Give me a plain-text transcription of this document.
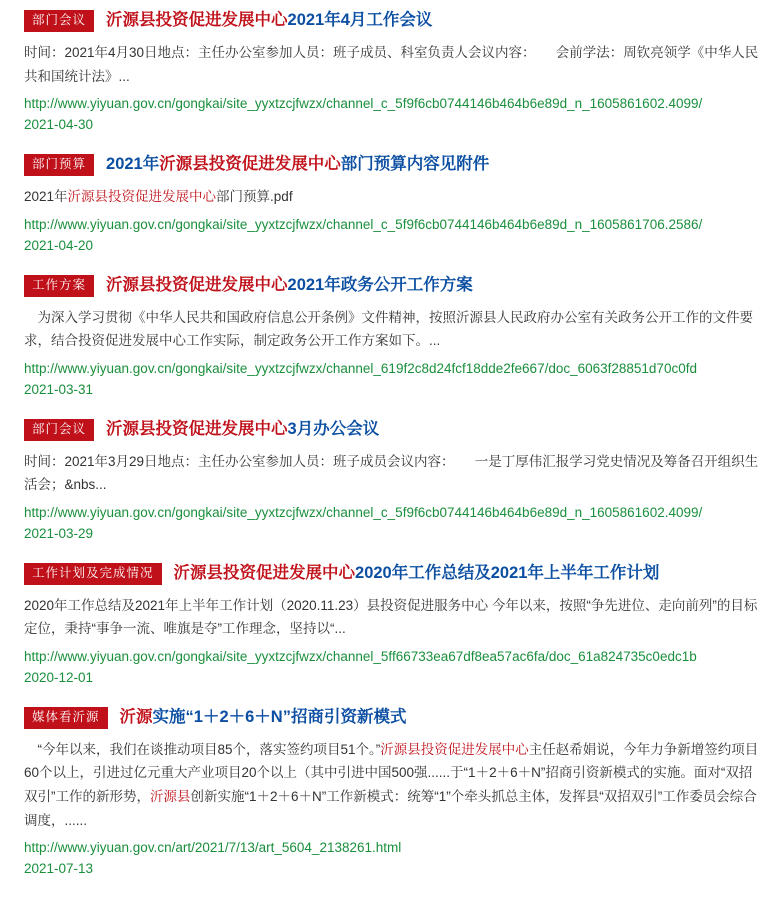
部门会议	沂源县投资促进发展中心2021年4月工作会议
时间：2021年4月30日地点：主任办公室参加人员：班子成员、科室负责人会议内容：　　会前学法：周钦亮领学《中华人民共和国统计法》...
http://www.yiyuan.gov.cn/gongkai/site_yyxtzcjfwzx/channel_c_5f9f6cb0744146b464b6e89d_n_1605861602.4099/
2021-04-30
部门预算	2021年沂源县投资促进发展中心部门预算内容见附件
2021年沂源县投资促进发展中心部门预算.pdf
http://www.yiyuan.gov.cn/gongkai/site_yyxtzcjfwzx/channel_c_5f9f6cb0744146b464b6e89d_n_1605861706.2586/
2021-04-20
工作方案	沂源县投资促进发展中心2021年政务公开工作方案
　为深入学习贯彻《中华人民共和国政府信息公开条例》文件精神，按照沂源县人民政府办公室有关政务公开工作的文件要求，结合投资促进发展中心工作实际，制定政务公开工作方案如下。...
http://www.yiyuan.gov.cn/gongkai/site_yyxtzcjfwzx/channel_619f2c8d24fcf18dde2fe667/doc_6063f28851d70c0fd
2021-03-31
部门会议	沂源县投资促进发展中心3月办公会议
时间：2021年3月29日地点：主任办公室参加人员：班子成员会议内容：　　一是丁厚伟汇报学习党史情况及筹备召开组织生活会；&nbs...
http://www.yiyuan.gov.cn/gongkai/site_yyxtzcjfwzx/channel_c_5f9f6cb0744146b464b6e89d_n_1605861602.4099/
2021-03-29
工作计划及完成情况	沂源县投资促进发展中心2020年工作总结及2021年上半年工作计划
2020年工作总结及2021年上半年工作计划（2020.11.23）县投资促进服务中心 今年以来，按照“争先进位、走向前列”的目标定位，秉持“事争一流、唯旗是夺”工作理念，坚持以“...
http://www.yiyuan.gov.cn/gongkai/site_yyxtzcjfwzx/channel_5ff66733ea67df8ea57ac6fa/doc_61a824735c0edc1b
2020-12-01
媒体看沂源	沂源实施“1＋2＋6＋N”招商引资新模式
　“今年以来，我们在谈推动项目85个，落实签约项目51个。”沂源县投资促进发展中心主任赵希娟说，今年力争新增签约项目60个以上，引进过亿元重大产业项目20个以上（其中引进中国500强......于“1＋2＋6＋N”招商引资新模式的实施。面对“双招双引”工作的新形势，沂源县创新实施“1＋2＋6＋N”工作新模式：统筹“1”个牵头抓总主体，发挥县“双招双引”工作委员会综合调度，......
http://www.yiyuan.gov.cn/art/2021/7/13/art_5604_2138261.html
2021-07-13
